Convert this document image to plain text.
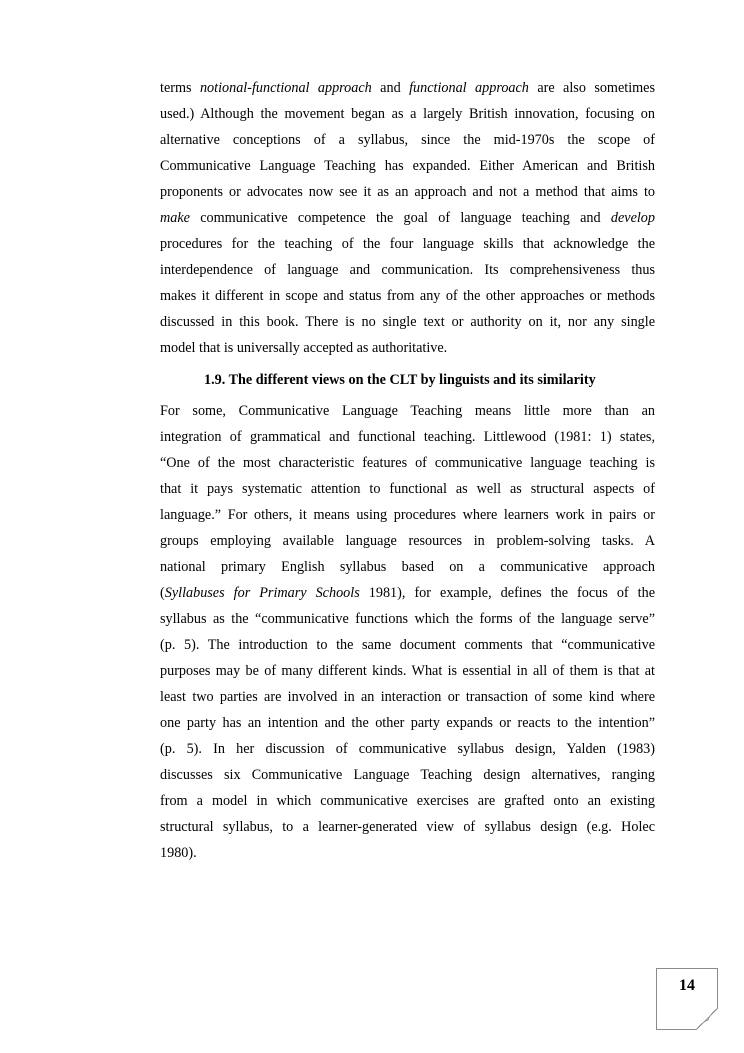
terms notional-functional approach and functional approach are also sometimes
used.) Although the movement began as a largely British innovation, focusing on
alternative conceptions of a syllabus, since the mid-1970s the scope of
Communicative Language Teaching has expanded. Either American and British
proponents or advocates now see it as an approach and not a method that aims to
make communicative competence the goal of language teaching and develop
procedures for the teaching of the four language skills that acknowledge the
interdependence of language and communication. Its comprehensiveness thus
makes it different in scope and status from any of the other approaches or methods
discussed in this book. There is no single text or authority on it, nor any single
model that is universally accepted as authoritative.
1.9. The different views on the CLT by linguists and its similarity
For some, Communicative Language Teaching means little more than an
integration of grammatical and functional teaching. Littlewood (1981: 1) states,
“One of the most characteristic features of communicative language teaching is
that it pays systematic attention to functional as well as structural aspects of
language.” For others, it means using procedures where learners work in pairs or
groups employing available language resources in problem-solving tasks. A
national primary English syllabus based on a communicative approach
(Syllabuses for Primary Schools 1981), for example, defines the focus of the
syllabus as the “communicative functions which the forms of the language serve”
(p. 5). The introduction to the same document comments that “communicative
purposes may be of many different kinds. What is essential in all of them is that at
least two parties are involved in an interaction or transaction of some kind where
one party has an intention and the other party expands or reacts to the intention”
(p. 5). In her discussion of communicative syllabus design, Yalden (1983)
discusses six Communicative Language Teaching design alternatives, ranging
from a model in which communicative exercises are grafted onto an existing
structural syllabus, to a learner-generated view of syllabus design (e.g. Holec
1980).
14
